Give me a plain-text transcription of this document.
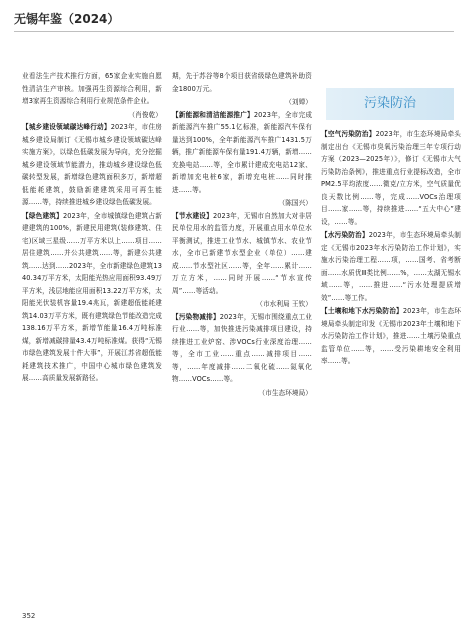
无锡年鉴（2024）

业看法生产技术推行方面，65家企业实施自愿性清洁生产审核。加强再生资源综合利用，新增3家再生资源综合利用行业规范条件企业。

（肖俊乾）

【城乡建设领域碳达峰行动】2023年，市住房城乡建设局制订《无锡市城乡建设领域碳达峰实施方案》，以绿色低碳发展为导向，充分挖掘城乡建设领域节能潜力，推动城乡建设绿色低碳转型发展，新增绿色建筑面积多万，新增超低能耗建筑，鼓励新建建筑采用可再生能源……等，持续推进城乡建设绿色低碳发展。

【绿色建筑】2023年，全市城镇绿色建筑占新建建筑的100%，新建民用建筑(装修建筑、住宅)区域三星级……万平方米以上……项目……居住建筑……并公共建筑……等，新建公共建筑……达到……2023年，全市新建绿色建筑1340.34万平方米，太阳能光热应用面积93.49万平方米，浅层地能应用面积13.22万平方米，太阳能光伏装机容量19.4兆瓦，新建超低能耗建筑14.03万平方米，既有建筑绿色节能改造完成138.16万平方米，新增节能量16.4万吨标准煤，新增减碳排量43.4万吨标准煤。获得“无锡市绿色建筑发展十件大事”，开展江苏省超低能耗建筑技术推广，中国中心城市绿色建筑发展……高质量发展新路径。

期，先于苏谷等8个项目获省级绿色建筑补助资金1800万元。

（刘婵）

【新能源和清洁能源推广】2023年，全市完成新能源汽车推广55.1亿标准，新能源汽车保有量达到100%，全年新能源汽车推广1431.5万辆，推广新能源车保有量191.4万辆，新增……充换电站……等，全市累计建成充电站12家、新增加充电桩6家，新增充电桩……同时推进……等。

（陈国兴）

【节水建设】2023年，无锡市自然加大对非居民单位用水的监管力度，开展重点用水单位水平衡测试，推进工业节水、城镇节水、农业节水，全市已新建节水型企业（单位）……建成……节水型社区……等，全年……累计……万立方米，……同时开展……“节水宣传周”……等活动。

（市水利局 王钦）

【污染物减排】2023年，无锡市围绕重点工业行业……等，加快推进污染减排项目建设，持续推进工业炉窑、涉VOCs行业深度治理……等，全市工业……重点……减排项目……等，……年度减排……二氧化硫……氮氧化物……VOCs……等。

（市生态环境局）
污染防治

【空气污染防治】2023年，市生态环境局牵头制定出台《无锡市臭氧污染治理三年专项行动方案（2023—2025年）》，修订《无锡市大气污染防治条例》，推进重点行业提标改造，全市PM2.5平均浓度……微克/立方米，空气质量优良天数比例……等，完成……VOCs治理项目……家……等，持续推进……“五大中心”建设，……等。

【水污染防治】2023年，市生态环境局牵头制定《无锡市2023年水污染防治工作计划》，实施水污染治理工程……项，……国考、省考断面……水质优Ⅲ类比例……%，……太湖无锡水域……等，……推进……“污水处理提质增效”……等工作。

【土壤和地下水污染防治】2023年，市生态环境局牵头制定印发《无锡市2023年土壤和地下水污染防治工作计划》，推进……土壤污染重点监管单位……等，……受污染耕地安全利用率……等。

352
